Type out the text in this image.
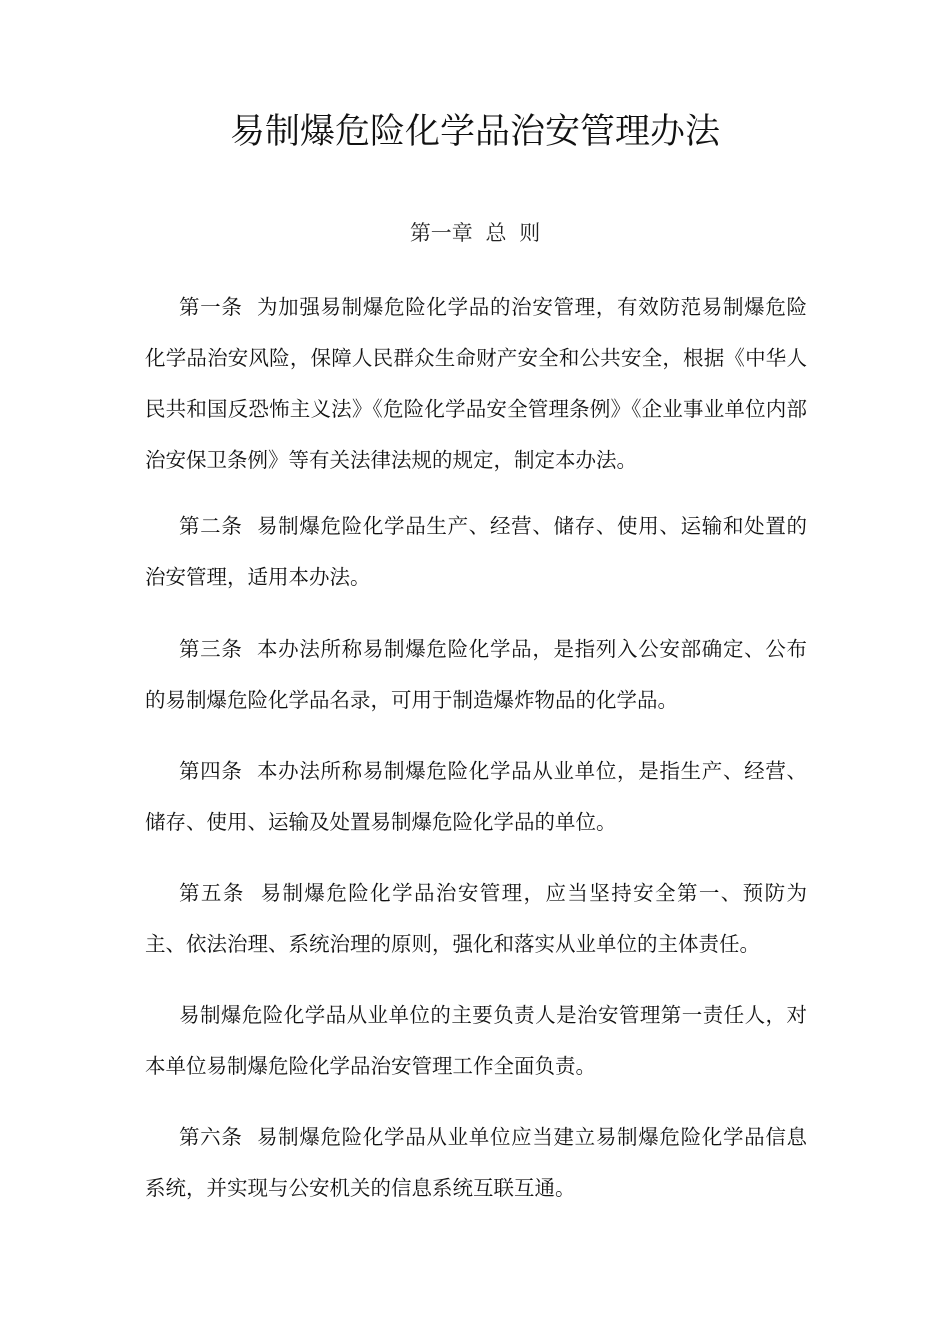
易制爆危险化学品治安管理办法
第一章 总 则

第一条 为加强易制爆危险化学品的治安管理，有效防范易制爆危险化学品治安风险，保障人民群众生命财产安全和公共安全，根据《中华人民共和国反恐怖主义法》《危险化学品安全管理条例》《企业事业单位内部治安保卫条例》等有关法律法规的规定，制定本办法。

第二条 易制爆危险化学品生产、经营、储存、使用、运输和处置的治安管理，适用本办法。

第三条 本办法所称易制爆危险化学品，是指列入公安部确定、公布的易制爆危险化学品名录，可用于制造爆炸物品的化学品。

第四条 本办法所称易制爆危险化学品从业单位，是指生产、经营、储存、使用、运输及处置易制爆危险化学品的单位。

第五条 易制爆危险化学品治安管理，应当坚持安全第一、预防为主、依法治理、系统治理的原则，强化和落实从业单位的主体责任。

易制爆危险化学品从业单位的主要负责人是治安管理第一责任人，对本单位易制爆危险化学品治安管理工作全面负责。

第六条 易制爆危险化学品从业单位应当建立易制爆危险化学品信息系统，并实现与公安机关的信息系统互联互通。
